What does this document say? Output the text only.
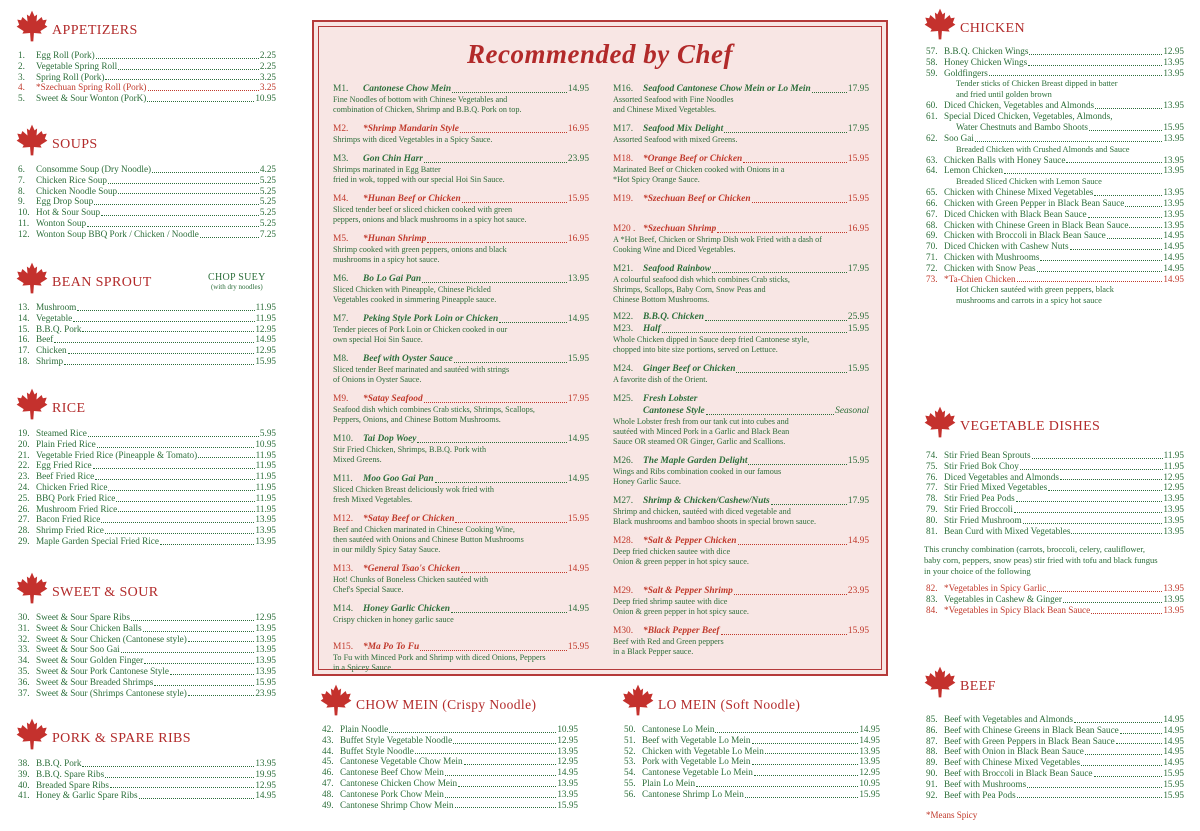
APPETIZERS
1.	Egg Roll (Pork)	2.25
2.	Vegetable Spring Roll	2.25
3.	Spring Roll (Pork)	3.25
4.	*Szechuan Spring Roll (Pork)	3.25
5.	Sweet & Sour Wonton (PorK)	10.95
SOUPS
6.	Consomme Soup (Dry Noodle)	4.25
7.	Chicken Rice Soup	5.25
8.	Chicken Noodle Soup	5.25
9.	Egg Drop Soup	5.25
10. Hot & Sour Soup	5.25
11. Wonton Soup	5.25
12. Wonton Soup BBQ Pork / Chicken / Noodle	7.25
BEAN SPROUT	CHOP SUEY
(with dry noodles)
13. Mushroom	11.95
14. Vegetable	11.95
15. B.B.Q. Pork	12.95
16. Beef	14.95
17. Chicken	12.95
18. Shrimp	15.95
RICE
19. Steamed Rice	5.95
20. Plain Fried Rice	10.95
21. Vegetable Fried Rice (Pineapple & Tomato)	11.95
22. Egg Fried Rice	11.95
23. Beef Fried Rice	11.95
24. Chicken Fried Rice	11.95
25. BBQ Pork Fried Rice	11.95
26. Mushroom Fried Rice	11.95
27. Bacon Fried Rice	13.95
28. Shrimp Fried Rice	13.95
29. Maple Garden Special Fried Rice	13.95
SWEET & SOUR
30. Sweet & Sour Spare Ribs	12.95
31. Sweet & Sour Chicken Balls	13.95
32. Sweet & Sour Chicken (Cantonese style)	13.95
33. Sweet & Sour Soo Gai	13.95
34. Sweet & Sour Golden Finger	13.95
35. Sweet & Sour Pork Cantonese Style	13.95
36. Sweet & Sour Breaded Shrimps	15.95
37. Sweet & Sour (Shrimps Cantonese style)	23.95
PORK & SPARE RIBS
38. B.B.Q. Pork	13.95
39. B.B.Q. Spare Ribs	19.95
40. Breaded Spare Ribs	12.95
41. Honey & Garlic Spare Ribs	14.95
Recommended by Chef
M1.	Cantonese Chow Mein	14.95
Fine Noodles of bottom with Chinese Vegetables and
combination of Chicken, Shrimp and B.B.Q. Pork on top.
M2.	*Shrimp Mandarin Style	16.95
Shrimps with diced Vegetables in a Spicy Sauce.
M3.	Gon Chin Harr	23.95
Shrimps marinated in Egg Batter
fried in wok, topped with our special Hoi Sin Sauce.
M4.	*Hunan Beef or Chicken	15.95
Sliced tender beef or sliced chicken cooked with green
peppers, onions and black mushrooms in a spicy hot sauce.
M5.	*Hunan Shrimp	16.95
Shrimp cooked with green peppers, onions and black
mushrooms in a spicy hot sauce.
M6.	Bo Lo Gai Pan	13.95
Sliced Chicken with Pineapple, Chinese Pickled
Vegetables cooked in simmering Pineapple sauce.
M7.	Peking Style Pork Loin or Chicken	14.95
Tender pieces of Pork Loin or Chicken cooked in our
own special Hoi Sin Sauce.
M8.	Beef with Oyster Sauce	15.95
Sliced tender Beef marinated and sautéed with strings
of Onions in Oyster Sauce.
M9.	*Satay Seafood	17.95
Seafood dish which combines Crab sticks, Shrimps, Scallops,
Peppers, Onions, and Chinese Bottom Mushrooms.
M10.	Tai Dop Woey	14.95
Stir Fried Chicken, Shrimps, B.B.Q. Pork with
Mixed Greens.
M11.	Moo Goo Gai Pan	14.95
Sliced Chicken Breast deliciously wok fried with
fresh Mixed Vegetables.
M12.	*Satay Beef or Chicken	15.95
Beef and Chicken marinated in Chinese Cooking Wine,
then sautéed with Onions and Chinese Button Mushrooms
in our mildly Spicy Satay Sauce.
M13.	*General Tsao's Chicken	14.95
Hot! Chunks of Boneless Chicken sautéed with
Chef's Special Sauce.
M14.	Honey Garlic Chicken	14.95
Crispy chicken in honey garlic sauce
M15.	*Ma Po To Fu	15.95
To Fu with Minced Pork and Shrimp with diced Onions, Peppers
in a Spicey Sauce.
M16.	Seafood Cantonese Chow Mein or Lo Mein	17.95
Assorted Seafood with Fine Noodles
and Chinese Mixed Vegetables.
M17.	Seafood Mix Delight	17.95
Assorted Seafood with mixed Greens.
M18.	*Orange Beef or Chicken	15.95
Marinated Beef or Chicken cooked with Onions in a
*Hot Spicy Orange Sauce.
M19.	*Szechuan Beef or Chicken	15.95
M20 . *Szechuan Shrimp	16.95
A *Hot Beef, Chicken or Shrimp Dish wok Fried with a dash of
Cooking Wine and Diced Vegetables.
M21.	Seafood Rainbow	17.95
A colourful seafood dish which combines Crab sticks,
Shrimps, Scallops, Baby Corn, Snow Peas and
Chinese Bottom Mushrooms.
M22.	B.B.Q. Chicken	25.95
M23.	Half	15.95
Whole Chicken dipped in Sauce deep fried Cantonese style,
chopped into bite size portions, served on Lettuce.
M24.	Ginger Beef or Chicken	15.95
A favorite dish of the Orient.
M25.	Fresh Lobster
Cantonese Style	Seasonal
Whole Lobster fresh from our tank cut into cubes and
sautéed with Minced Pork in a Garlic and Black Bean
Sauce OR steamed OR Ginger, Garlic and Scallions.
M26.	The Maple Garden Delight	15.95
Wings and Ribs combination cooked in our famous
Honey Garlic Sauce.
M27.	Shrimp & Chicken/Cashew/Nuts	17.95
Shrimp and chicken, sautéed with diced vegetable and
Black mushrooms and bamboo shoots in special brown sauce.
M28.	*Salt & Pepper Chicken	14.95
Deep fried chicken sautee with dice
Onion & green pepper in hot spicy sauce.
M29.	*Salt & Pepper Shrimp	23.95
Deep fried shrimp sautee with dice
Onion & green pepper in hot spicy sauce.
M30.	*Black Pepper Beef	15.95
Beef with Red and Green peppers
in a Black Pepper sauce.
CHOW MEIN (Crispy Noodle)
42. Plain Noodle	10.95
43. Buffet Style Vegetable Noodle	12.95
44. Buffet Style Noodle	13.95
45. Cantonese Vegetable Chow Mein	12.95
46. Cantonese Beef Chow Mein	14.95
47. Cantonese Chicken Chow Mein	13.95
48. Cantonese Pork Chow Mein	13.95
49. Cantonese Shrimp Chow Mein	15.95
LO MEIN (Soft Noodle)
50. Cantonese Lo Mein	14.95
51. Beef with Vegetable Lo Mein	14.95
52. Chicken with Vegetable Lo Mein	13.95
53. Pork with Vegetable Lo Mein	13.95
54. Cantonese Vegetable Lo Mein	12.95
55. Plain Lo Mein	10.95
56. Cantonese Shrimp Lo Mein	15.95
CHICKEN
57. B.B.Q. Chicken Wings	12.95
58. Honey Chicken Wings	13.95
59. Goldfingers	13.95
Tender sticks of Chicken Breast dipped in batter
and fried until golden brown
60. Diced Chicken, Vegetables and Almonds	13.95
61. Special Diced Chicken, Vegetables, Almonds,
Water Chestnuts and Bambo Shoots	15.95
62. Soo Gai	13.95
Breaded Chicken with Crushed Almonds and Sauce
63. Chicken Balls with Honey Sauce	13.95
64. Lemon Chicken	13.95
Breaded Sliced Chicken with Lemon Sauce
65. Chicken with Chinese Mixed Vegetables	13.95
66. Chicken with Green Pepper in Black Bean Sauce	13.95
67. Diced Chicken with Black Bean Sauce	13.95
68. Chicken with Chinese Green in Black Bean Sauce	13.95
69. Chicken with Broccoli in Black Bean Sauce	14.95
70. Diced Chicken with Cashew Nuts	14.95
71. Chicken with Mushrooms	14.95
72. Chicken with Snow Peas	14.95
73. *Ta-Chien Chicken	14.95
Hot Chicken sautéed with green peppers, black
mushrooms and carrots in a spicy hot sauce
VEGETABLE DISHES
74. Stir Fried Bean Sprouts	11.95
75. Stir Fried Bok Choy	11.95
76. Diced Vegetables and Almonds	12.95
77. Stir Fried Mixed Vegetables	12.95
78. Stir Fried Pea Pods	13.95
79. Stir Fried Broccoli	13.95
80. Stir Fried Mushroom	13.95
81. Bean Curd with Mixed Vegetables	13.95
This crunchy combination (carrots, broccoli, celery, cauliflower,
baby corn, peppers, snow peas) stir fried with tofu and black fungus
in your choice of the following
82. *Vegetables in Spicy Garlic	13.95
83. Vegetables in Cashew & Ginger	13.95
84. *Vegetables in Spicy Black Bean Sauce	13.95
BEEF
85. Beef with Vegetables and Almonds	14.95
86. Beef with Chinese Greens in Black Bean Sauce	14.95
87. Beef with Green Peppers in Black Bean Sauce	14.95
88. Beef with Onion in Black Bean Sauce	14.95
89. Beef with Chinese Mixed Vegetables	14.95
90. Beef with Broccoli in Black Bean Sauce	15.95
91. Beef with Mushrooms	15.95
92. Beef with Pea Pods	15.95
*Means Spicy
